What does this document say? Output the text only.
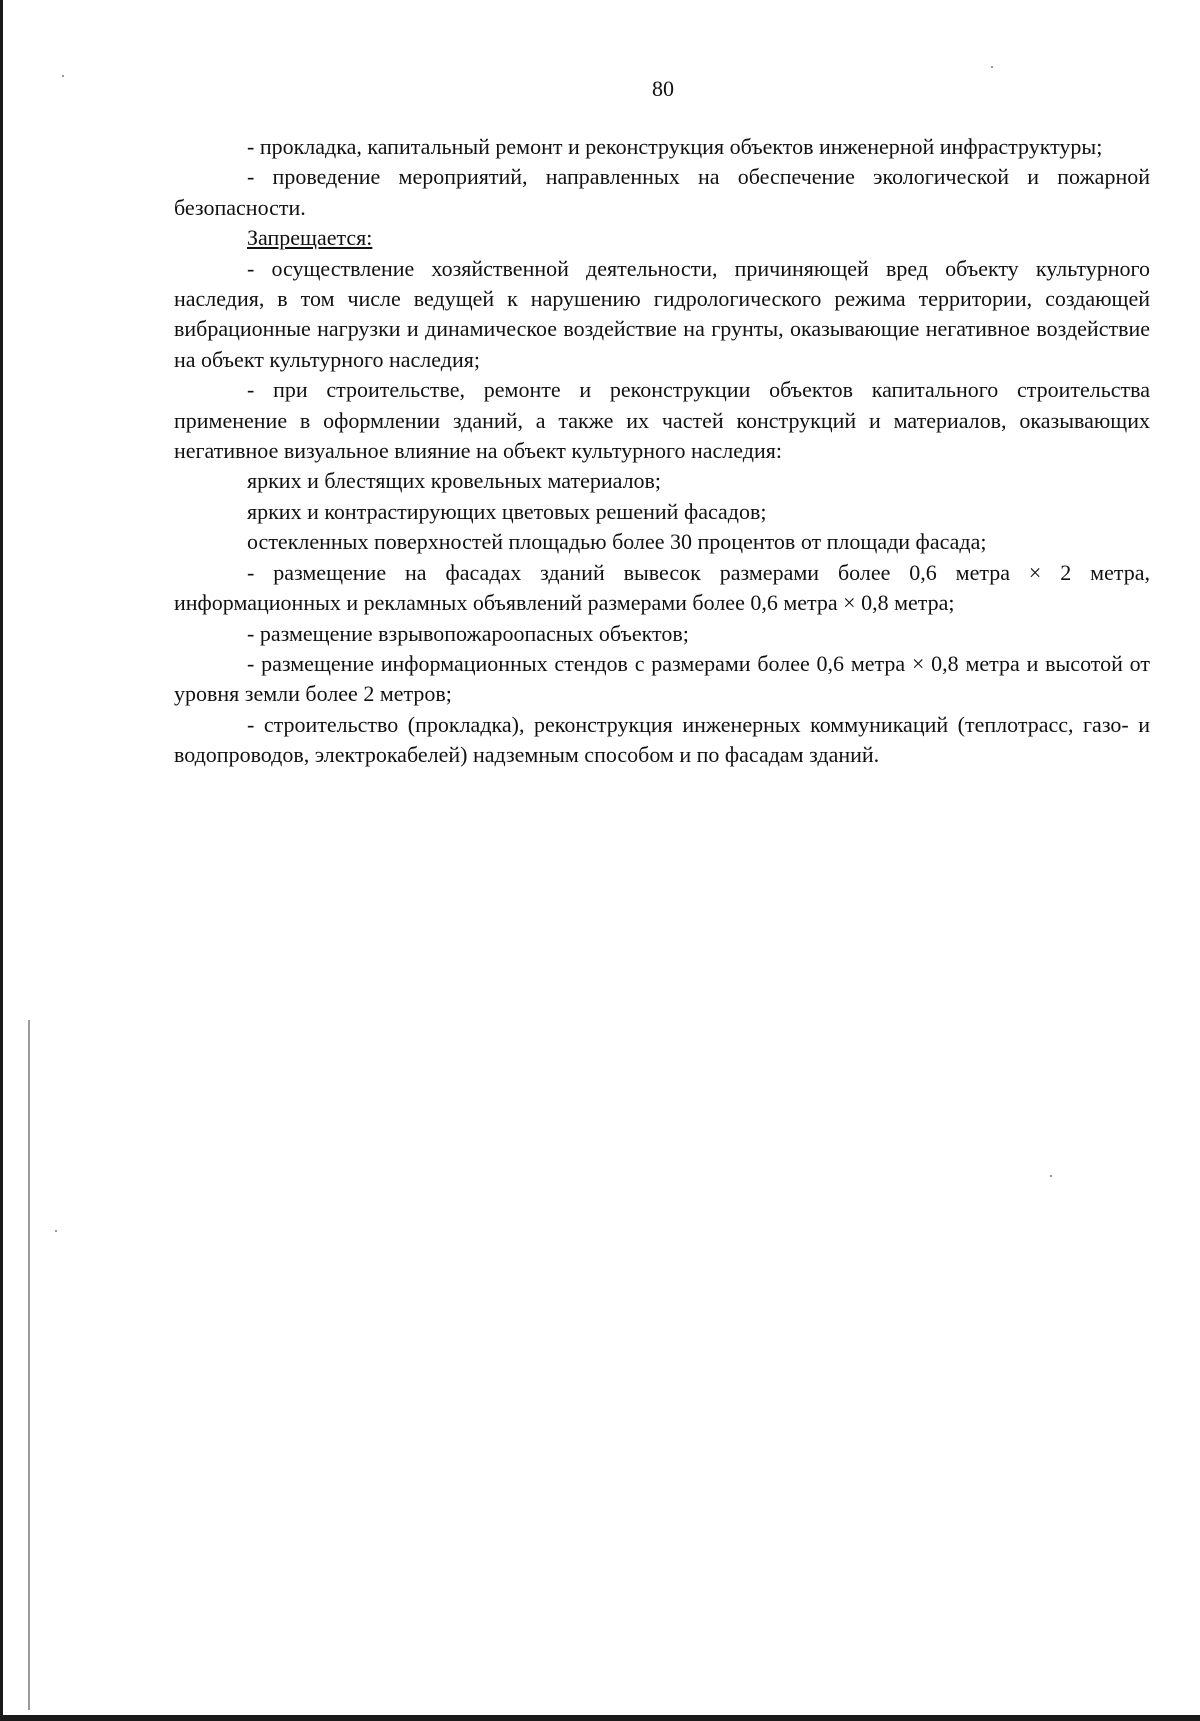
80

- прокладка, капитальный ремонт и реконструкция объектов инженерной инфраструктуры;

- проведение мероприятий, направленных на обеспечение экологической и пожарной безопасности.

Запрещается:

- осуществление хозяйственной деятельности, причиняющей вред объекту культурного наследия, в том числе ведущей к нарушению гидрологического режима территории, создающей вибрационные нагрузки и динамическое воздействие на грунты, оказывающие негативное воздействие на объект культурного наследия;

- при строительстве, ремонте и реконструкции объектов капитального строительства применение в оформлении зданий, а также их частей конструкций и материалов, оказывающих негативное визуальное влияние на объект культурного наследия:

ярких и блестящих кровельных материалов;

ярких и контрастирующих цветовых решений фасадов;

остекленных поверхностей площадью более 30 процентов от площади фасада;

- размещение на фасадах зданий вывесок размерами более 0,6 метра × 2 метра, информационных и рекламных объявлений размерами более 0,6 метра × 0,8 метра;

- размещение взрывопожароопасных объектов;

- размещение информационных стендов с размерами более 0,6 метра × 0,8 метра и высотой от уровня земли более 2 метров;

- строительство (прокладка), реконструкция инженерных коммуникаций (теплотрасс, газо- и водопроводов, электрокабелей) надземным способом и по фасадам зданий.
